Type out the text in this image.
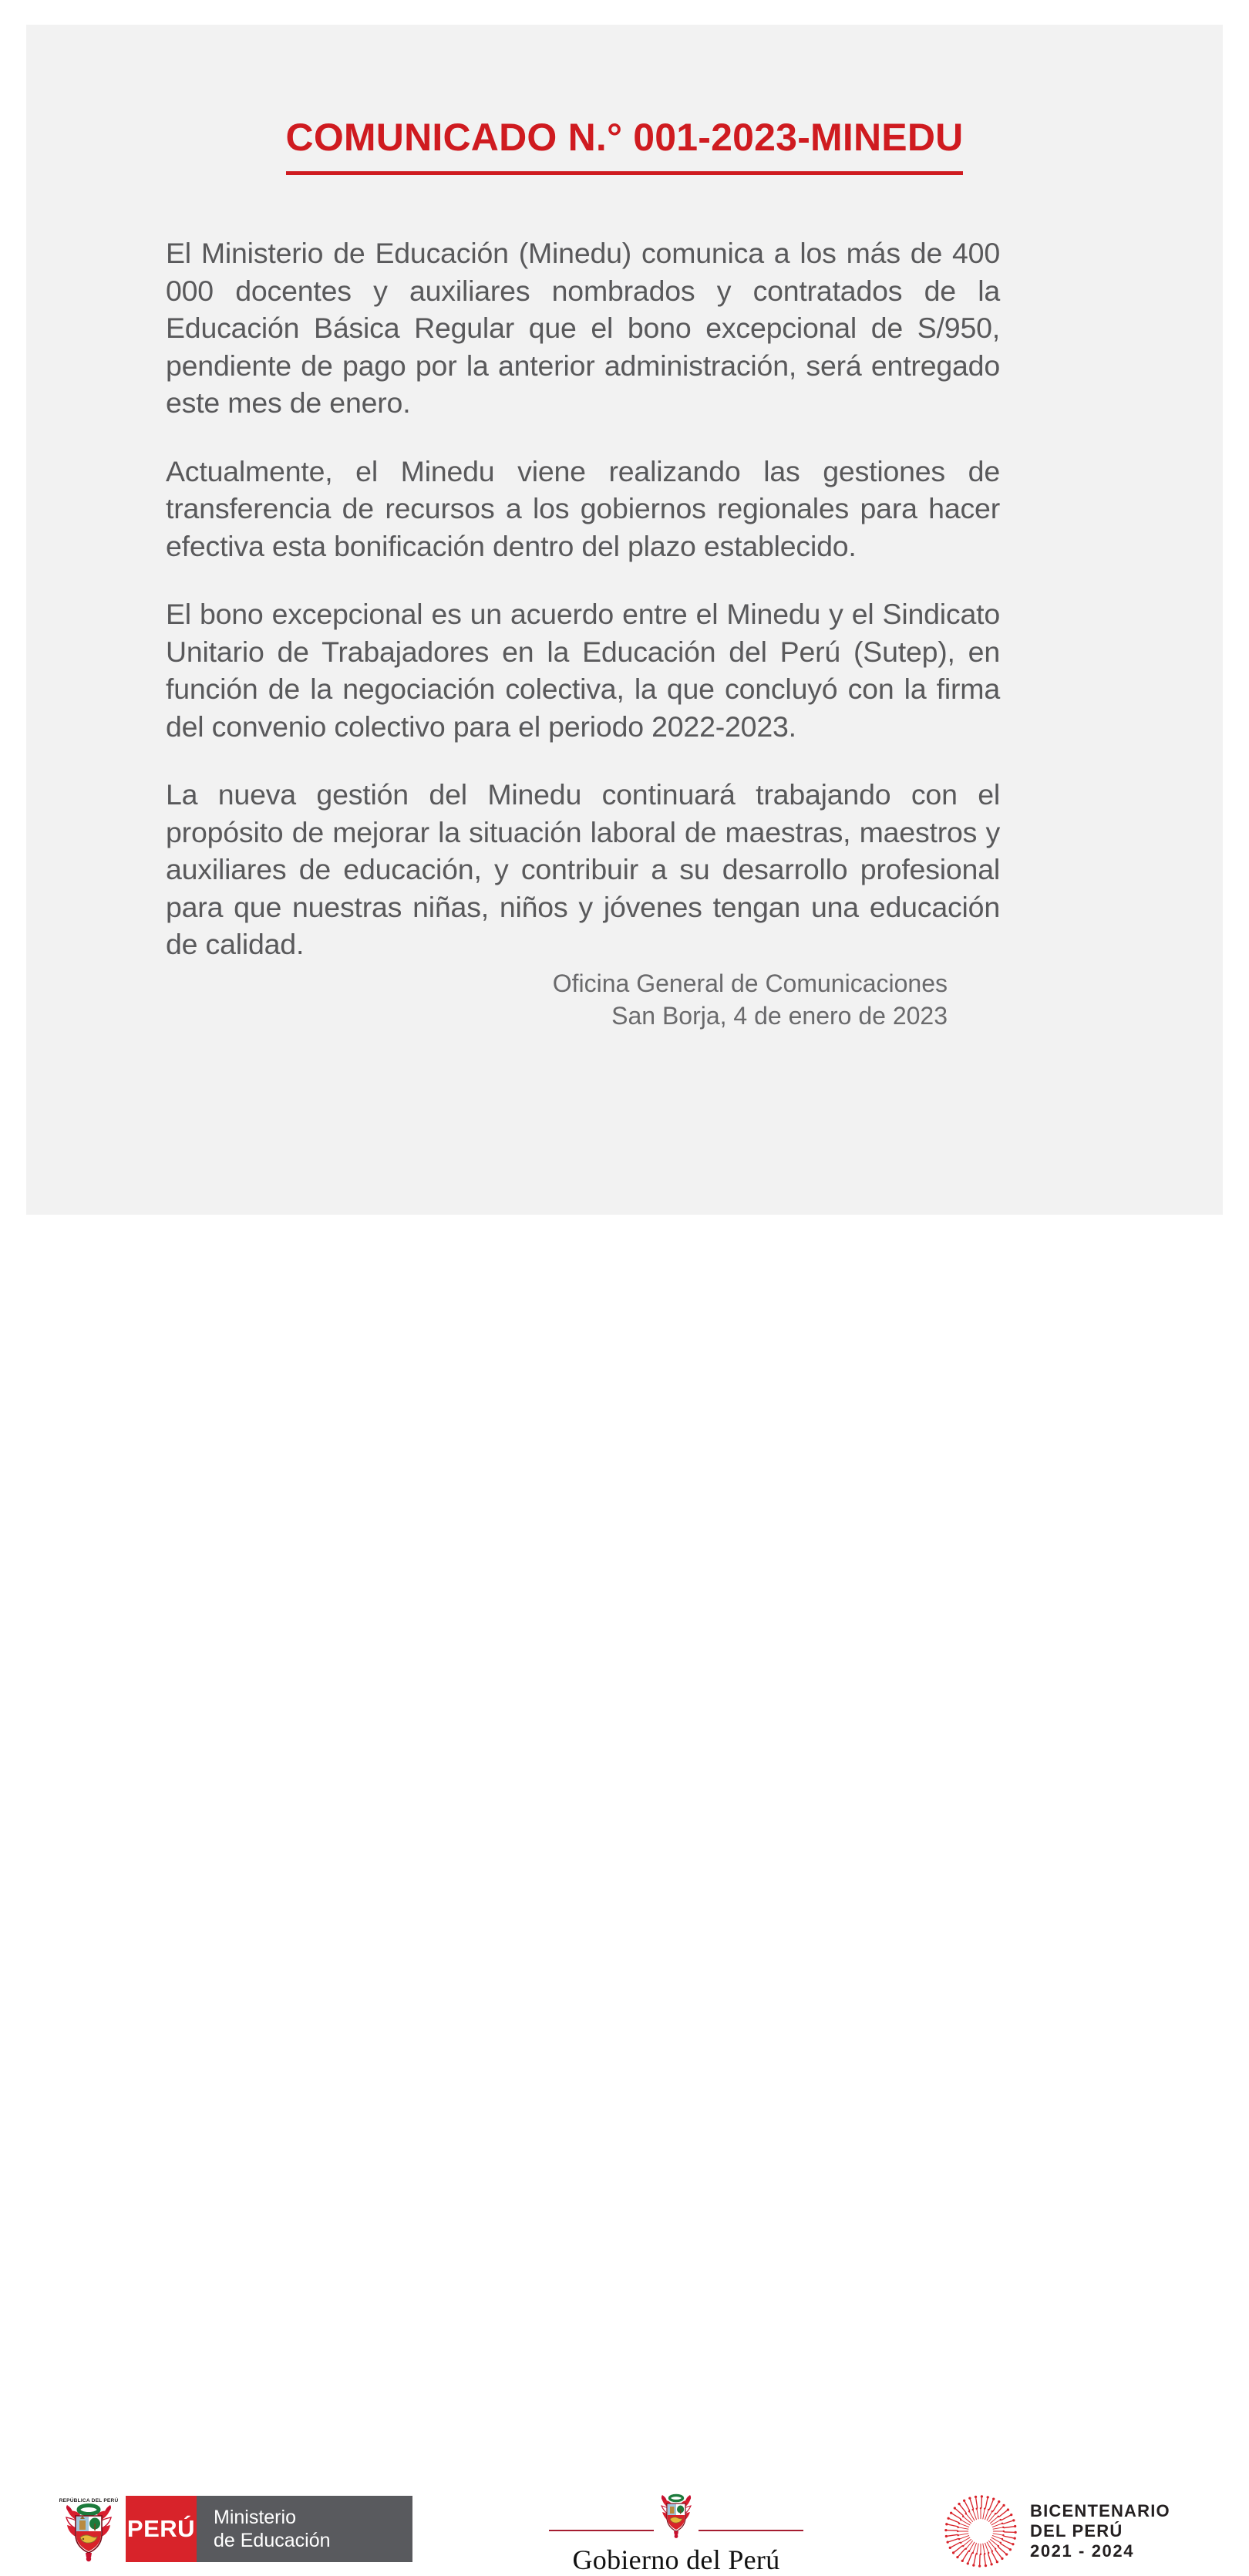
COMUNICADO N.° 001-2023-MINEDU

El Ministerio de Educación (Minedu) comunica a los más de 400 000 docentes y auxiliares nombrados y contratados de la Educación Básica Regular que el bono excepcional de S/950, pendiente de pago por la anterior administración, será entregado este mes de enero.

Actualmente, el Minedu viene realizando las gestiones de transferencia de recursos a los gobiernos regionales para hacer efectiva esta bonificación dentro del plazo establecido.

El bono excepcional es un acuerdo entre el Minedu y el Sindicato Unitario de Trabajadores en la Educación del Perú (Sutep), en función de la negociación colectiva, la que concluyó con la firma del convenio colectivo para el periodo 2022-2023.

La nueva gestión del Minedu continuará trabajando con el propósito de mejorar la situación laboral de maestras, maestros y auxiliares de educación, y contribuir a su desarrollo profesional para que nuestras niñas, niños y jóvenes tengan una educación de calidad.

Oficina General de Comunicaciones
San Borja, 4 de enero de 2023
REPÚBLICA DEL PERÚ
PERÚ Ministerio
de Educación
Gobierno del Perú
BICENTENARIO
DEL PERÚ
2021 - 2024
